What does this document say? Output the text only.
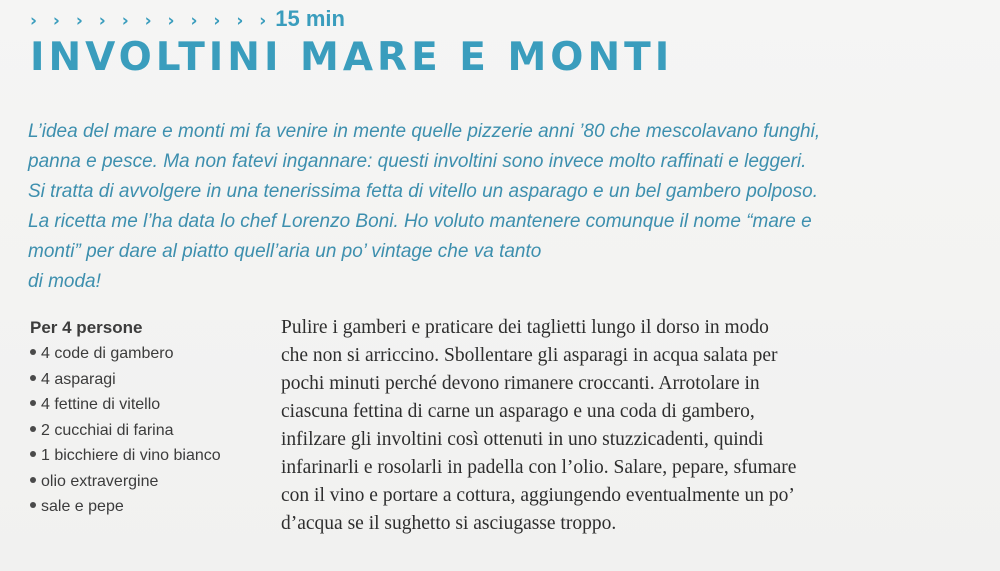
› › › › › › › › › › › 15 min
INVOLTINI MARE E MONTI
L’idea del mare e monti mi fa venire in mente quelle pizzerie anni ’80 che mescolavano funghi,
panna e pesce. Ma non fatevi ingannare: questi involtini sono invece molto raffinati e leggeri.
Si tratta di avvolgere in una tenerissima fetta di vitello un asparago e un bel gambero polposo.
La ricetta me l’ha data lo chef Lorenzo Boni. Ho voluto mantenere comunque il nome “mare e
monti” per dare al piatto quell’aria un po’ vintage che va tanto
di moda!
Per 4 persone
4 code di gambero
4 asparagi
4 fettine di vitello
2 cucchiai di farina
1 bicchiere di vino bianco
olio extravergine
sale e pepe
Pulire i gamberi e praticare dei taglietti lungo il dorso in modo
che non si arriccino. Sbollentare gli asparagi in acqua salata per
pochi minuti perché devono rimanere croccanti. Arrotolare in
ciascuna fettina di carne un asparago e una coda di gambero,
infilzare gli involtini così ottenuti in uno stuzzicadenti, quindi
infarinarli e rosolarli in padella con l’olio. Salare, pepare, sfumare
con il vino e portare a cottura, aggiungendo eventualmente un po’
d’acqua se il sughetto si asciugasse troppo.
